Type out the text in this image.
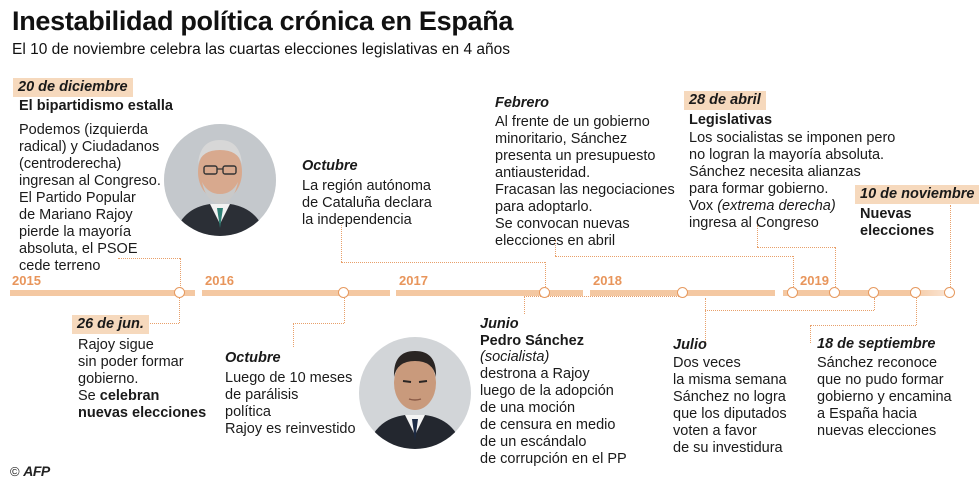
Inestabilidad política crónica en España
El 10 de noviembre celebra las cuartas elecciones legislativas en 4 años
2015	2016	2017	2018	2019
20 de diciembre
El bipartidismo estalla
Podemos (izquierda
radical) y Ciudadanos
(centroderecha)
ingresan al Congreso.
El Partido Popular
de Mariano Rajoy
pierde la mayoría
absoluta, el PSOE
cede terreno
26 de jun.
Rajoy sigue
sin poder formar
gobierno.
Se celebran
nuevas elecciones
Octubre
Luego de 10 meses
de parálisis
política
Rajoy es reinvestido
Octubre
La región autónoma
de Cataluña declara
la independencia
Junio
Pedro Sánchez
(socialista)
destrona a Rajoy
luego de la adopción
de una moción
de censura en medio
de un escándalo
de corrupción en el PP
Febrero
Al frente de un gobierno
minoritario, Sánchez
presenta un presupuesto
antiausteridad.
Fracasan las negociaciones
para adoptarlo.
Se convocan nuevas
elecciones en abril
28 de abril
Legislativas
Los socialistas se imponen pero
no logran la mayoría absoluta.
Sánchez necesita alianzas
para formar gobierno.
Vox (extrema derecha)
ingresa al Congreso
Julio
Dos veces
la misma semana
Sánchez no logra
que los diputados
voten a favor
de su investidura
18 de septiembre
Sánchez reconoce
que no pudo formar
gobierno y encamina
a España hacia
nuevas elecciones
10 de noviembre
Nuevas
elecciones
© AFP
